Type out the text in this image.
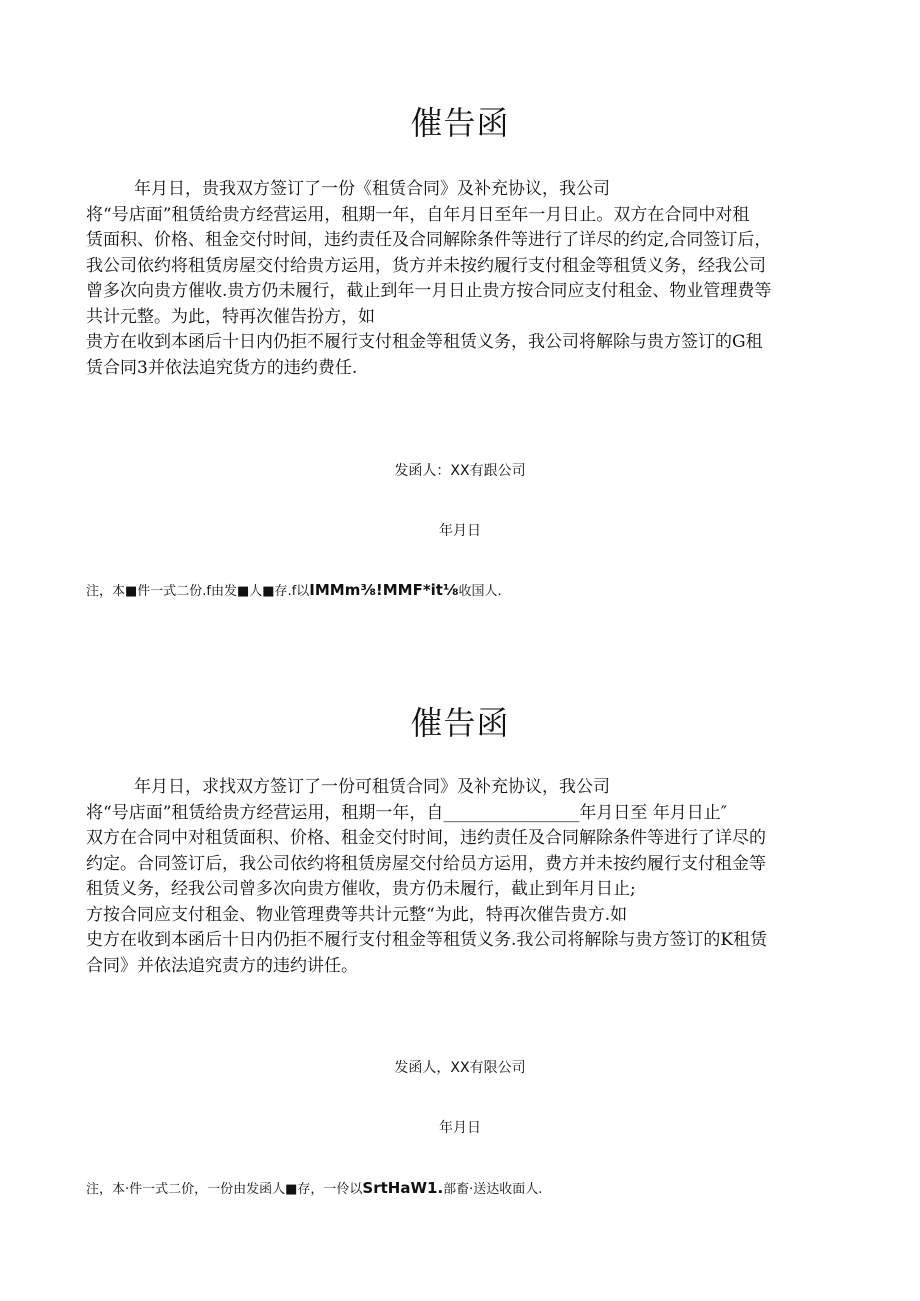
催告函
年月日，贵我双方签订了一份《租赁合同》及补充协议，我公司
将“号店面”租赁给贵方经营运用，租期一年，自年月日至年一月日止。双方在合同中对租
赁面积、价格、租金交付时间，违约责任及合同解除条件等进行了详尽的约定,合同签订后，
我公司依约将租赁房屋交付给贵方运用，货方并未按约履行支付租金等租赁义务，经我公司
曾多次向贵方催收.贵方仍未履行，截止到年一月日止贵方按合同应支付租金、物业管理费等
共计元整。为此，特再次催告扮方，如
贵方在收到本函后十日内仍拒不履行支付租金等租赁义务，我公司将解除与贵方签订的G租
赁合同3并依法追究货方的违约费任.
发函人：XX有跟公司
年月日
注，本■件一式二份.f由发■人■存.f以IMMm⅜!MMF*it⅛收国人.
催告函
年月日，求找双方签订了一份可租赁合同》及补充协议，我公司
将“号店面”租赁给贵方经营运用，租期一年，自________________年月日至 年月日止″
双方在合同中对租赁面积、价格、租金交付时间，违约责任及合同解除条件等进行了详尽的
约定。合同签订后，我公司依约将租赁房屋交付给员方运用，费方并未按约履行支付租金等
租赁义务，经我公司曾多次向贵方催收，贵方仍未履行，截止到年月日止;
方按合同应支付租金、物业管理费等共计元整“为此，特再次催告贵方.如
史方在收到本函后十日内仍拒不履行支付租金等租赁义务.我公司将解除与贵方签订的K租赁
合同》并依法追究责方的违约讲任。
发函人，XX有限公司
年月日
注，本·件一式二价，一份由发函人■存，一伶以SrtHaW1.部畜·送达收面人.
